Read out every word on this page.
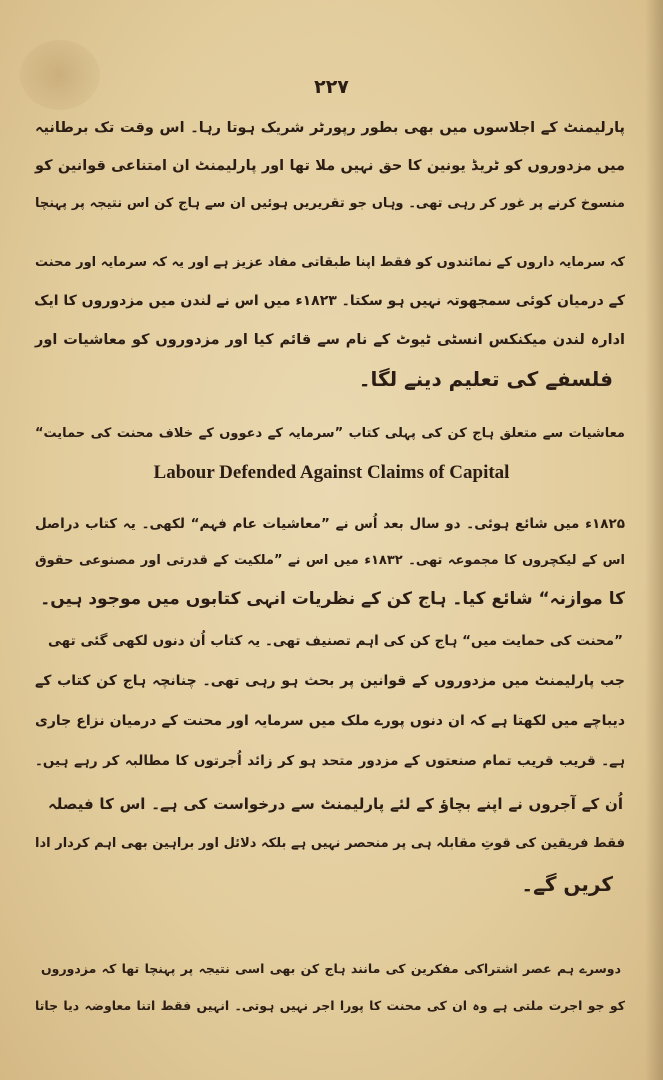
۲۲۷
پارلیمنٹ کے اجلاسوں میں بھی بطور رپورٹر شریک ہوتا رہا۔ اس وقت تک برطانیہ
میں مزدوروں کو ٹریڈ یونین کا حق نہیں ملا تھا اور پارلیمنٹ ان امتناعی قوانین کو
منسوخ کرنے پر غور کر رہی تھی۔ وہاں جو تقریریں ہوئیں ان سے ہاج کن اس نتیجہ پر پہنچا
کہ سرمایہ داروں کے نمائندوں کو فقط اپنا طبقاتی مفاد عزیز ہے اور یہ کہ سرمایہ اور محنت
کے درمیان کوئی سمجھوتہ نہیں ہو سکتا۔ ۱۸۲۳ء میں اس نے لندن میں مزدوروں کا ایک
ادارہ لندن میکنکس انسٹی ٹیوٹ کے نام سے قائم کیا اور مزدوروں کو معاشیات اور
فلسفے کی تعلیم دینے لگا۔
معاشیات سے متعلق ہاج کن کی پہلی کتاب ”سرمایہ کے دعووں کے خلاف محنت کی حمایت“
Labour Defended Against Claims of Capital
۱۸۲۵ء میں شائع ہوئی۔ دو سال بعد اُس نے ”معاشیات عام فہم“ لکھی۔ یہ کتاب دراصل
اس کے لیکچروں کا مجموعہ تھی۔ ۱۸۳۲ء میں اس نے ”ملکیت کے قدرتی اور مصنوعی حقوق
کا موازنہ“ شائع کیا۔ ہاج کن کے نظریات انہی کتابوں میں موجود ہیں۔
”محنت کی حمایت میں“ ہاج کن کی اہم تصنیف تھی۔ یہ کتاب اُن دنوں لکھی گئی تھی
جب پارلیمنٹ میں مزدوروں کے قوانین پر بحث ہو رہی تھی۔ چنانچہ ہاج کن کتاب کے
دیباچے میں لکھتا ہے کہ ان دنوں پورے ملک میں سرمایہ اور محنت کے درمیان نزاع جاری
ہے۔ قریب قریب تمام صنعتوں کے مزدور متحد ہو کر زائد اُجرتوں کا مطالبہ کر رہے ہیں۔
اُن کے آجروں نے اپنے بچاؤ کے لئے پارلیمنٹ سے درخواست کی ہے۔ اس کا فیصلہ
فقط فریقین کی قوتِ مقابلہ ہی پر منحصر نہیں ہے بلکہ دلائل اور براہین بھی اہم کردار ادا
کریں گے۔
دوسرے ہم عصر اشتراکی مفکرین کی مانند ہاج کن بھی اسی نتیجہ پر پہنچا تھا کہ مزدوروں
کو جو اجرت ملتی ہے وہ ان کی محنت کا پورا اجر نہیں ہوتی۔ انہیں فقط اتنا معاوضہ دیا جاتا
